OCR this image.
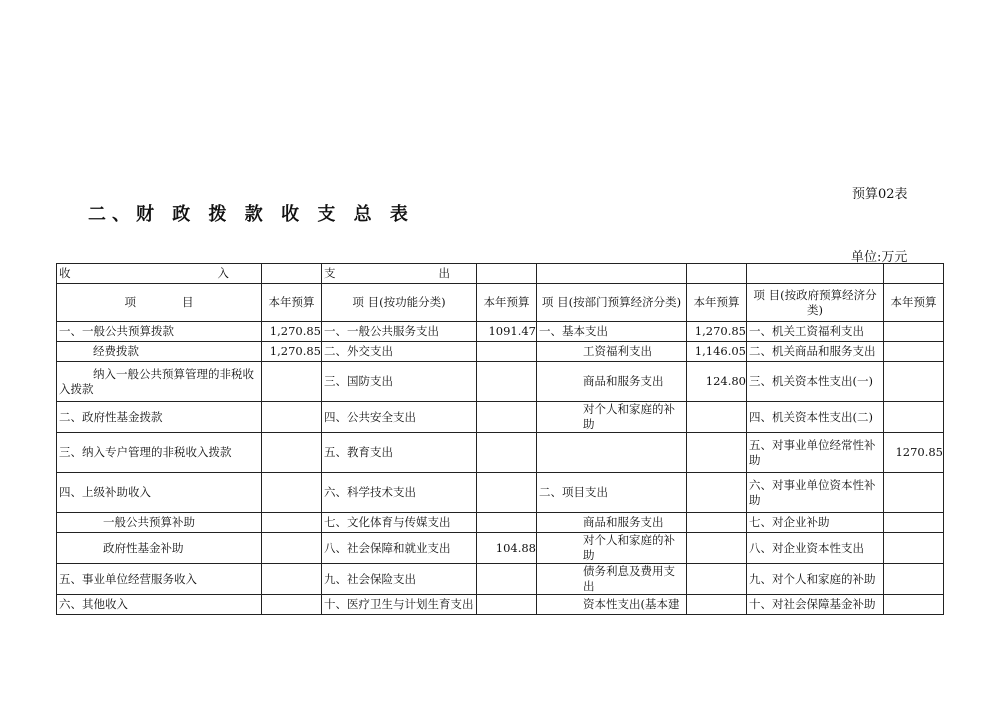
预算02表
二、财 政 拨 款 收 支 总 表
单位:万元
收 入		支 出					

项　　　　目	本年预算	项 目(按功能分类)	本年预算	项 目(按部门预算经济分类)	本年预算	项 目(按政府预算经济分类)	本年预算
一、一般公共预算拨款	1,270.85	一、一般公共服务支出	1091.47	一、基本支出	1,270.85	一、机关工资福利支出	
经费拨款	1,270.85	二、外交支出		工资福利支出	1,146.05	二、机关商品和服务支出	
纳入一般公共预算管理的非税收入拨款		三、国防支出		商品和服务支出	124.80	三、机关资本性支出(一)	
二、政府性基金拨款		四、公共安全支出		对个人和家庭的补助		四、机关资本性支出(二)	
三、纳入专户管理的非税收入拨款		五、教育支出				五、对事业单位经常性补助	1270.85
四、上级补助收入		六、科学技术支出		二、项目支出		六、对事业单位资本性补助	
一般公共预算补助		七、文化体育与传媒支出		商品和服务支出		七、对企业补助	
政府性基金补助		八、社会保障和就业支出	104.88	对个人和家庭的补助		八、对企业资本性支出	
五、事业单位经营服务收入		九、社会保险支出		债务利息及费用支出		九、对个人和家庭的补助	
六、其他收入		十、医疗卫生与计划生育支出		资本性支出(基本建		十、对社会保障基金补助	
